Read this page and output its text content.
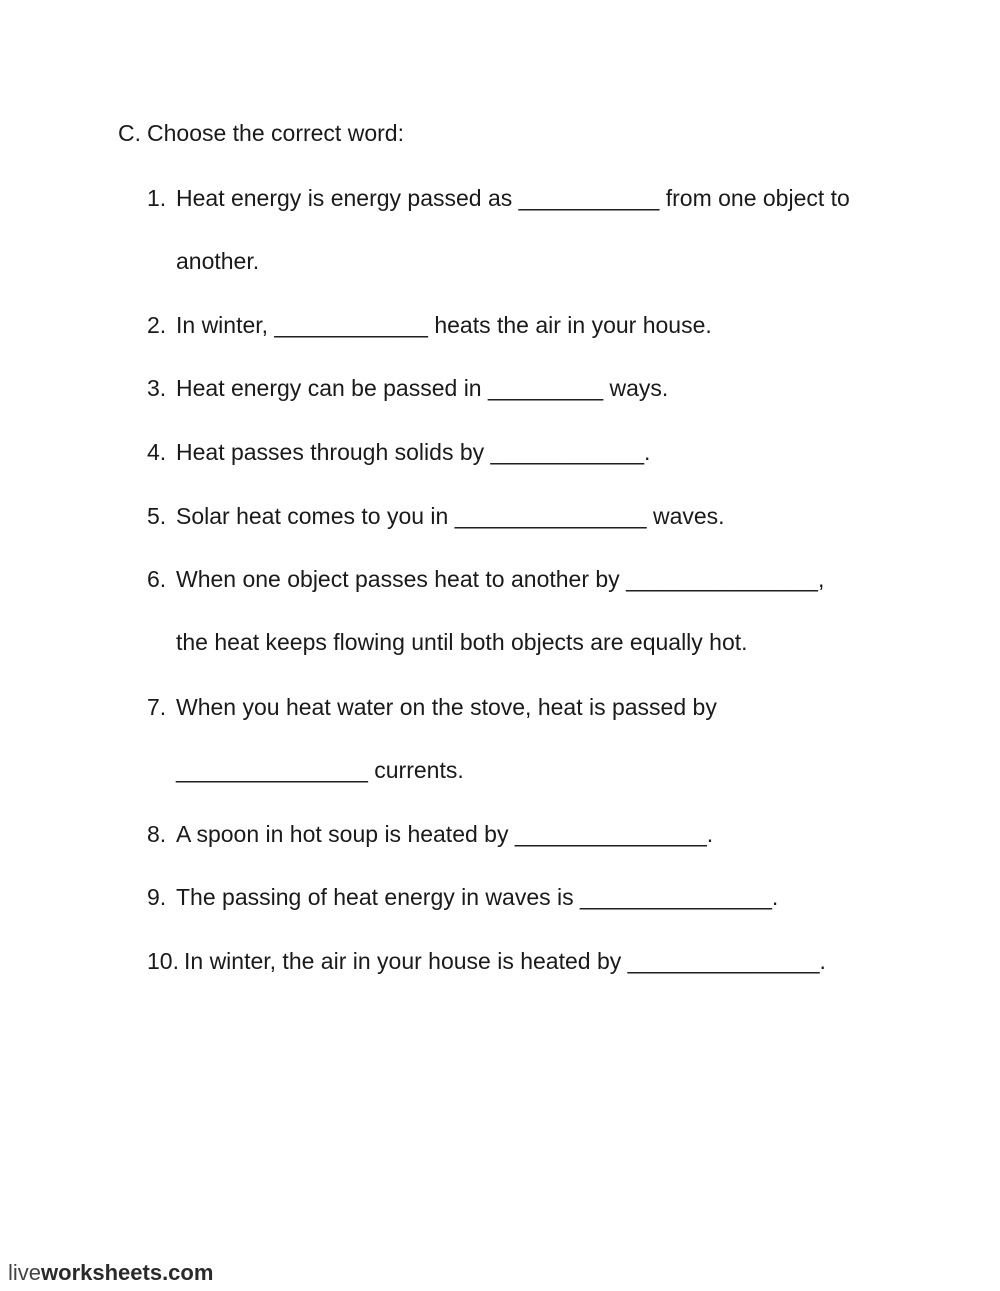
C. Choose the correct word:
1. Heat energy is energy passed as ___________ from one object to
another.
2. In winter, ____________ heats the air in your house.
3. Heat energy can be passed in _________ ways.
4. Heat passes through solids by ____________.
5. Solar heat comes to you in _______________ waves.
6. When one object passes heat to another by _______________,
the heat keeps flowing until both objects are equally hot.
7. When you heat water on the stove, heat is passed by
_______________ currents.
8. A spoon in hot soup is heated by _______________.
9. The passing of heat energy in waves is _______________.
10. In winter, the air in your house is heated by _______________.
liveworksheets.com
